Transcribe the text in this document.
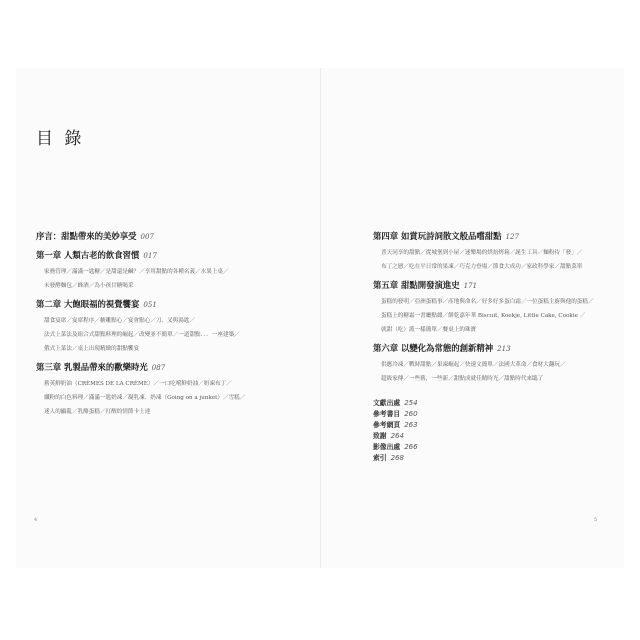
目 錄
序言：甜點帶來的美妙享受 007
第一章 人類古老的飲食習慣 017
家務管理／滿滿一匙糖／是甜還是鹹？／享用甜點的各種名義／水果上桌／
未發酵麵包／蜂酒／為小孩甘糖喝采
第二章 大飽眼福的視覺饗宴 051
甜食宴席／宴席程序／糖雕點心／宴會點心／刀、叉與湯匙／
法式上菜法及組合式甜點料理的崛起／改變並不簡單／一道甜點．．．一座建築／
俄式上菜法／桌上出現精緻的甜點饗宴
第三章 乳製品帶來的歡樂時光 087
舊英鮮奶油（CRÈMES DE LA CRÈME）／一口吃嚐鮮奶油／奶凍布丁／
纖粉的白色料理／滿滿一匙奶凍／凝乳凍．奶凍（Going on a junket）／雪糕／
迷人的顯亂／乳酪蛋糕／打醒的情節卡士達
第四章 如賞玩詩詞散文般品嚐甜點 127
普天同享的甜點／從城堡到小屋／迷樂場的烘焙烤箱／誕生工具／麵粉待「發」／
布丁之戀／吃在平日常的果凍／巧克力登場／節食大成功／家政科學家／甜點菜單
第五章 甜點開發演進史 171
蛋糕的發明／亞洲蛋糕事／產地與命名／好多好多蛋白霜／一位蛋糕主廚與他的蛋糕／
蛋糕上的糖霜一書廳點綴／餅乾嘉年華 Biscuit, Koekje, Little Cake, Cookie ／
就甜（吃）派一樣簡單／餐桌上的珠寶
第六章 以變化為常態的創新精神 213
供應冷凍／戰時甜點／果凍崛起／快速文簡單／法國大革命／食材大翻玩／
超級家傳／一些舊，一些新／甜點成就佳餚時光／甜點時代來臨了
文獻出處 254
參考書目 260
參考網頁 263
致謝 264
影像出處 266
索引 268
4	5
